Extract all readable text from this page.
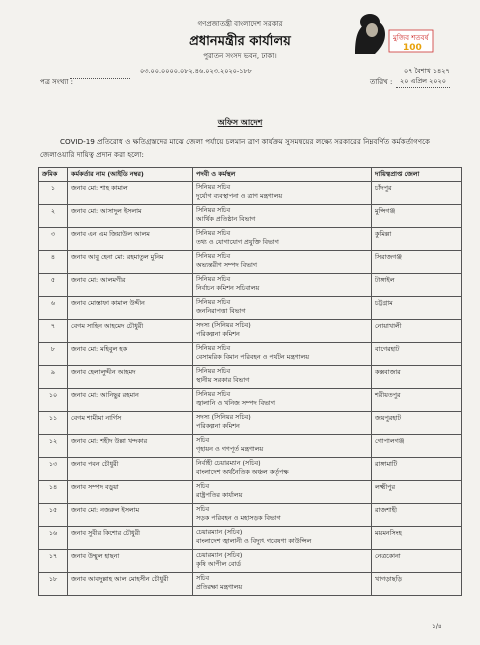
গণপ্রজাতন্ত্রী বাংলাদেশ সরকার
প্রধানমন্ত্রীর কার্যালয়
পুরাতন সংসদ ভবন, ঢাকা।
মুজিব শতবর্ষ
100
পত্র সংখ্যা :
০৩.০০.০০০০.০৮২.৪৬.০২৩.২০২০-১৮৮
তারিখ :
০৭ বৈশাখ ১৪২৭
২০ এপ্রিল ২০২০
অফিস আদেশ
COVID-19 প্রতিরোধ ও ক্ষতিগ্রস্তদের মাঝে জেলা পর্যায়ে চলমান ত্রাণ কার্যক্রম সুসমন্বয়ের লক্ষ্যে সরকারের নিম্নবর্ণিত কর্মকর্তাগণকে জেলাওয়ারি দায়িত্ব প্রদান করা হলো:
ক্রমিক	কর্মকর্তার নাম (আইডি নম্বর)	পদবী ও কর্মস্থল	দায়িত্বপ্রাপ্ত জেলা
১	জনাব মো: শাহ কামাল	সিনিয়র সচিব
দুর্যোগ ব্যবস্থাপনা ও ত্রাণ মন্ত্রণালয়	চাঁদপুর
২	জনাব মো: আসাদুল ইসলাম	সিনিয়র সচিব
আর্থিক প্রতিষ্ঠান বিভাগ	মুন্সিগঞ্জ
৩	জনাব এন এম জিয়াউল আলম	সিনিয়র সচিব
তথ্য ও যোগাযোগ প্রযুক্তি বিভাগ	কুমিল্লা
৪	জনাব আবু হেনা মো: রহমাতুল মুনিম	সিনিয়র সচিব
অভ্যন্তরীণ সম্পদ বিভাগ	সিরাজগঞ্জ
৫	জনাব মো: আলমগীর	সিনিয়র সচিব
নির্বাচন কমিশন সচিবালয়	টাঙ্গাইল
৬	জনাব মোস্তাফা কামাল উদ্দীন	সিনিয়র সচিব
জননিরাপত্তা বিভাগ	চট্টগ্রাম
৭	বেগম সাহিন আহমেদ চৌধুরী	সদস্য (সিনিয়র সচিব)
পরিকল্পনা কমিশন	নোয়াখালী
৮	জনাব মো: মহিবুল হক	সিনিয়র সচিব
বেসামরিক বিমান পরিবহন ও পর্যটন মন্ত্রণালয়	বাগেরহাট
৯	জনাব হেলালুদ্দীন আহমদ	সিনিয়র সচিব
স্থানীয় সরকার বিভাগ	কক্সবাজার
১০	জনাব মো: আনিছুর রহমান	সিনিয়র সচিব
জ্বালানি ও খনিজ সম্পদ বিভাগ	শরীয়তপুর
১১	বেগম শামীমা নার্গিস	সদস্য (সিনিয়র সচিব)
পরিকল্পনা কমিশন	জয়পুরহাট
১২	জনাব মো: শহীদ উল্লা খন্দকার	সচিব
গৃহায়ন ও গণপূর্ত মন্ত্রণালয়	গোপালগঞ্জ
১৩	জনাব পবন চৌধুরী	নির্বাহী চেয়ারম্যান (সচিব)
বাংলাদেশ অর্থনৈতিক অঞ্চল কর্তৃপক্ষ	রাঙ্গামাটি
১৪	জনাব সম্পদ বড়ুয়া	সচিব
রাষ্ট্রপতির কার্যালয়	লক্ষ্মীপুর
১৫	জনাব মো: নজরুল ইসলাম	সচিব
সড়ক পরিবহন ও মহাসড়ক বিভাগ	রাজশাহী
১৬	জনাব সুবীর কিশোর চৌধুরী	চেয়ারম্যান (সচিব)
বাংলাদেশ জ্বালানী ও বিদ্যুৎ গবেষণা কাউন্সিল	ময়মনসিংহ
১৭	জনাব উম্মুল হাছনা	চেয়ারম্যান (সচিব)
কৃষি আপীল বোর্ড	নেত্রকোনা
১৮	জনাব আবদুল্লাহ আল মোহসীন চৌধুরী	সচিব
প্রতিরক্ষা মন্ত্রণালয়	খাগড়াছড়ি
১/৪
